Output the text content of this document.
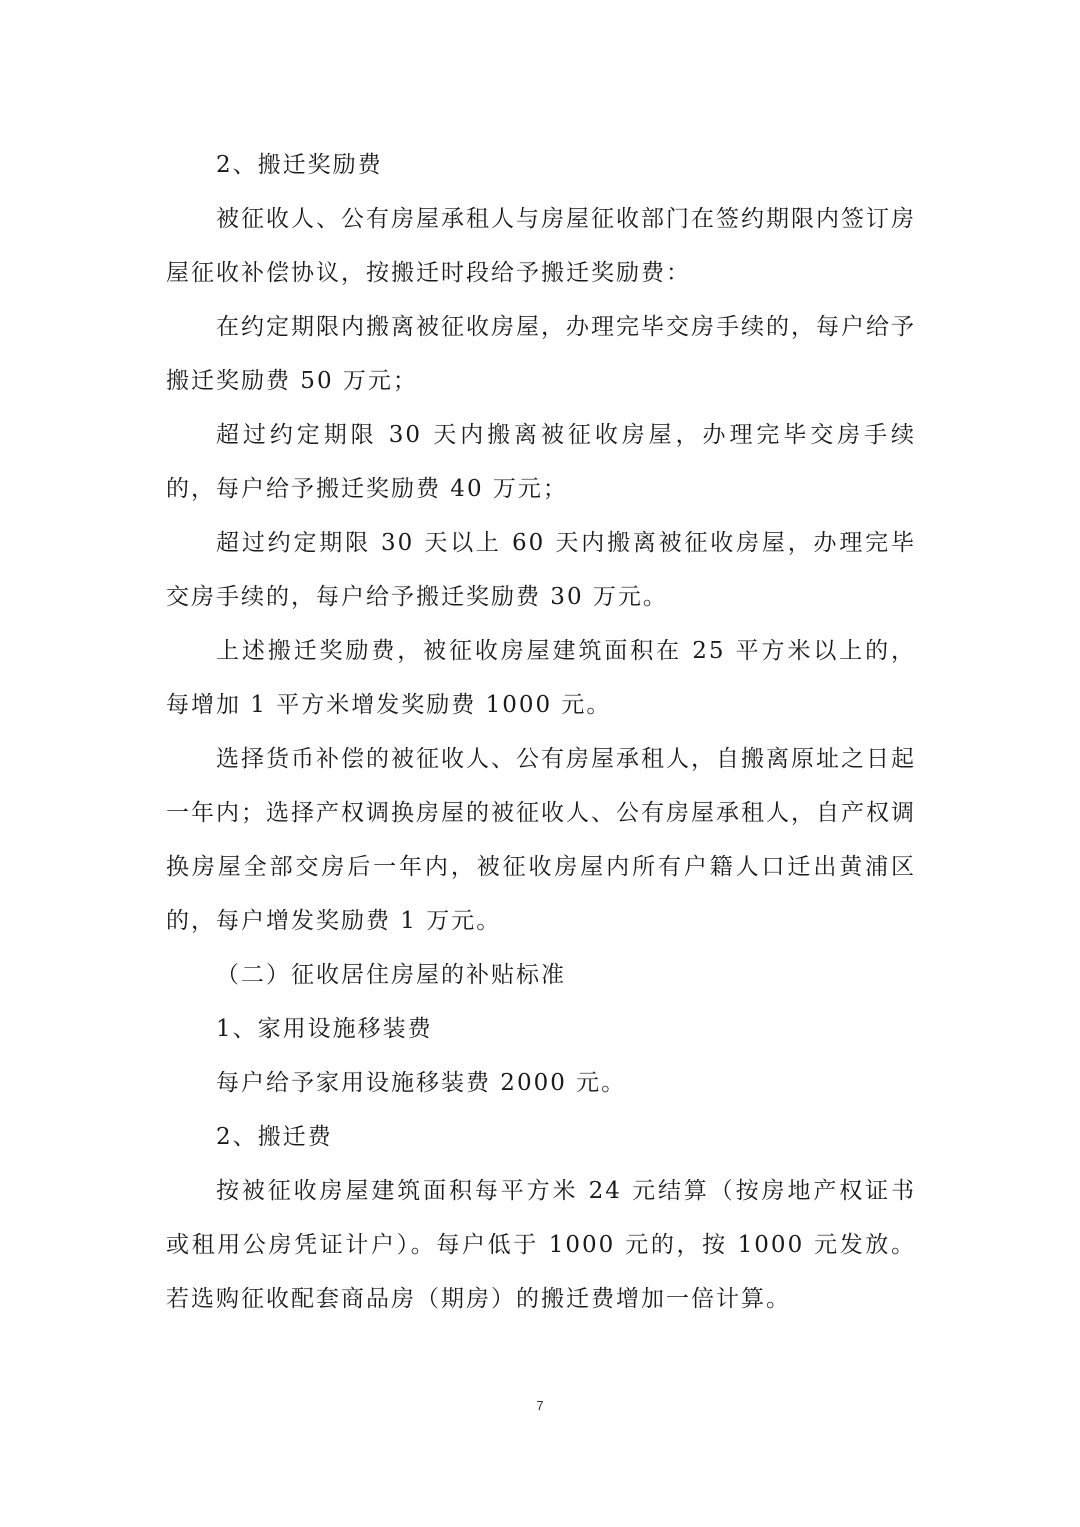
2、搬迁奖励费

被征收人、公有房屋承租人与房屋征收部门在签约期限内签订房屋征收补偿协议，按搬迁时段给予搬迁奖励费：

在约定期限内搬离被征收房屋，办理完毕交房手续的，每户给予搬迁奖励费 50 万元；

超过约定期限 30 天内搬离被征收房屋，办理完毕交房手续的，每户给予搬迁奖励费 40 万元；

超过约定期限 30 天以上 60 天内搬离被征收房屋，办理完毕交房手续的，每户给予搬迁奖励费 30 万元。

上述搬迁奖励费，被征收房屋建筑面积在 25 平方米以上的，每增加 1 平方米增发奖励费 1000 元。

选择货币补偿的被征收人、公有房屋承租人，自搬离原址之日起一年内；选择产权调换房屋的被征收人、公有房屋承租人，自产权调换房屋全部交房后一年内，被征收房屋内所有户籍人口迁出黄浦区的，每户增发奖励费 1 万元。

（二）征收居住房屋的补贴标准

1、家用设施移装费

每户给予家用设施移装费 2000 元。

2、搬迁费

按被征收房屋建筑面积每平方米 24 元结算（按房地产权证书或租用公房凭证计户）。每户低于 1000 元的，按 1000 元发放。若选购征收配套商品房（期房）的搬迁费增加一倍计算。

7
